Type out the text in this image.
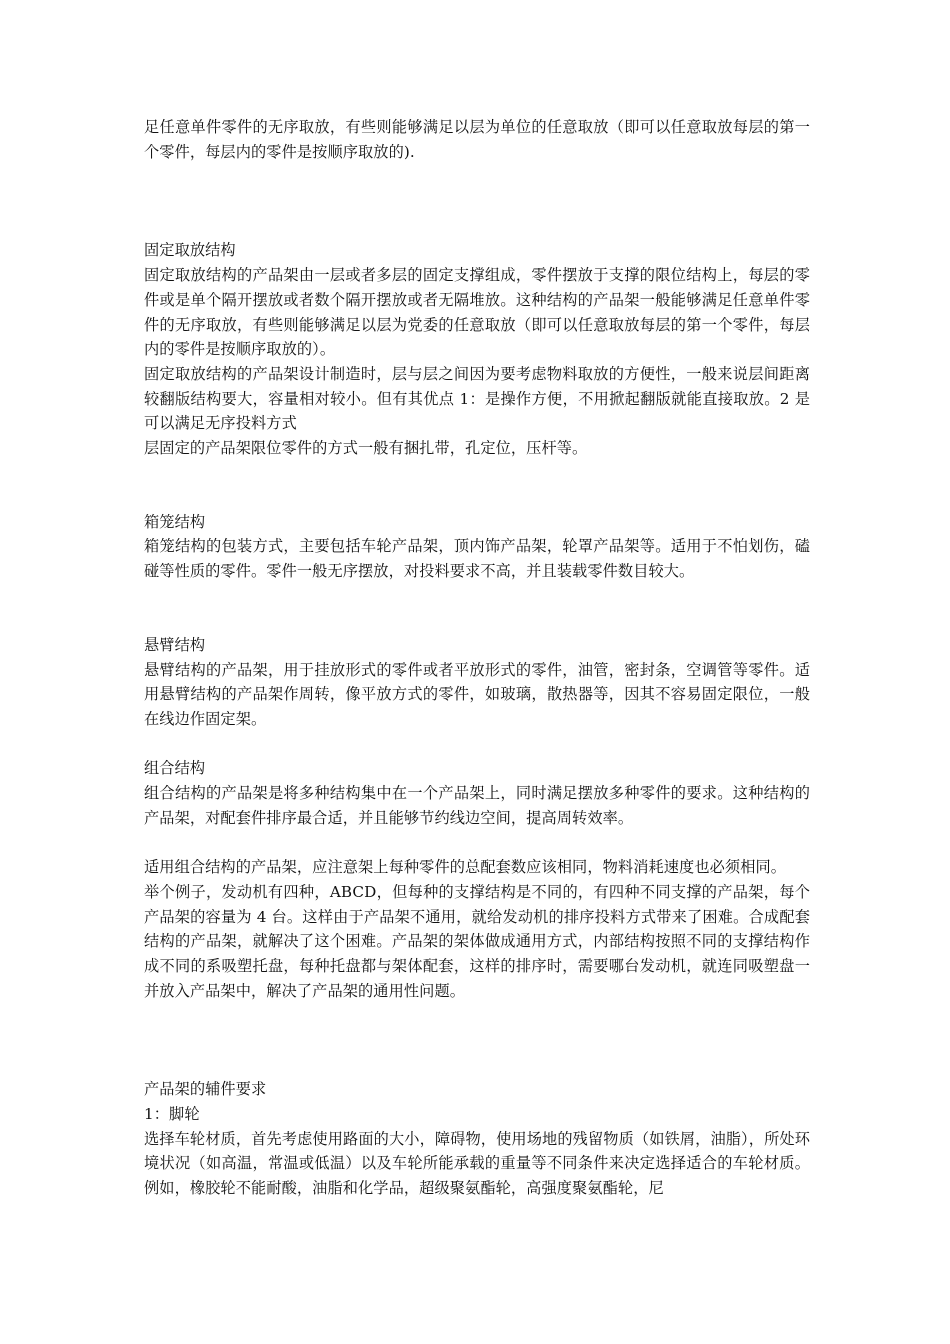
足任意单件零件的无序取放，有些则能够满足以层为单位的任意取放（即可以任意取放每层的第一个零件，每层内的零件是按顺序取放的).

固定取放结构

固定取放结构的产品架由一层或者多层的固定支撑组成，零件摆放于支撑的限位结构上，每层的零件或是单个隔开摆放或者数个隔开摆放或者无隔堆放。这种结构的产品架一般能够满足任意单件零件的无序取放，有些则能够满足以层为党委的任意取放（即可以任意取放每层的第一个零件，每层内的零件是按顺序取放的）。

固定取放结构的产品架设计制造时，层与层之间因为要考虑物料取放的方便性，一般来说层间距离较翻版结构要大，容量相对较小。但有其优点 1：是操作方便，不用掀起翻版就能直接取放。2 是可以满足无序投料方式

层固定的产品架限位零件的方式一般有捆扎带，孔定位，压杆等。

箱笼结构

箱笼结构的包装方式，主要包括车轮产品架，顶内饰产品架，轮罩产品架等。适用于不怕划伤，磕碰等性质的零件。零件一般无序摆放，对投料要求不高，并且装载零件数目较大。

悬臂结构

悬臂结构的产品架，用于挂放形式的零件或者平放形式的零件，油管，密封条，空调管等零件。适用悬臂结构的产品架作周转，像平放方式的零件，如玻璃，散热器等，因其不容易固定限位，一般在线边作固定架。

组合结构

组合结构的产品架是将多种结构集中在一个产品架上，同时满足摆放多种零件的要求。这种结构的产品架，对配套件排序最合适，并且能够节约线边空间，提高周转效率。

适用组合结构的产品架，应注意架上每种零件的总配套数应该相同，物料消耗速度也必须相同。

举个例子，发动机有四种，ABCD，但每种的支撑结构是不同的，有四种不同支撑的产品架，每个产品架的容量为 4 台。这样由于产品架不通用，就给发动机的排序投料方式带来了困难。合成配套结构的产品架，就解决了这个困难。产品架的架体做成通用方式，内部结构按照不同的支撑结构作成不同的系吸塑托盘，每种托盘都与架体配套，这样的排序时，需要哪台发动机，就连同吸塑盘一并放入产品架中，解决了产品架的通用性问题。

产品架的辅件要求

1：脚轮

选择车轮材质，首先考虑使用路面的大小，障碍物，使用场地的残留物质（如铁屑，油脂），所处环境状况（如高温，常温或低温）以及车轮所能承载的重量等不同条件来决定选择适合的车轮材质。例如，橡胶轮不能耐酸，油脂和化学品，超级聚氨酯轮，高强度聚氨酯轮，尼
